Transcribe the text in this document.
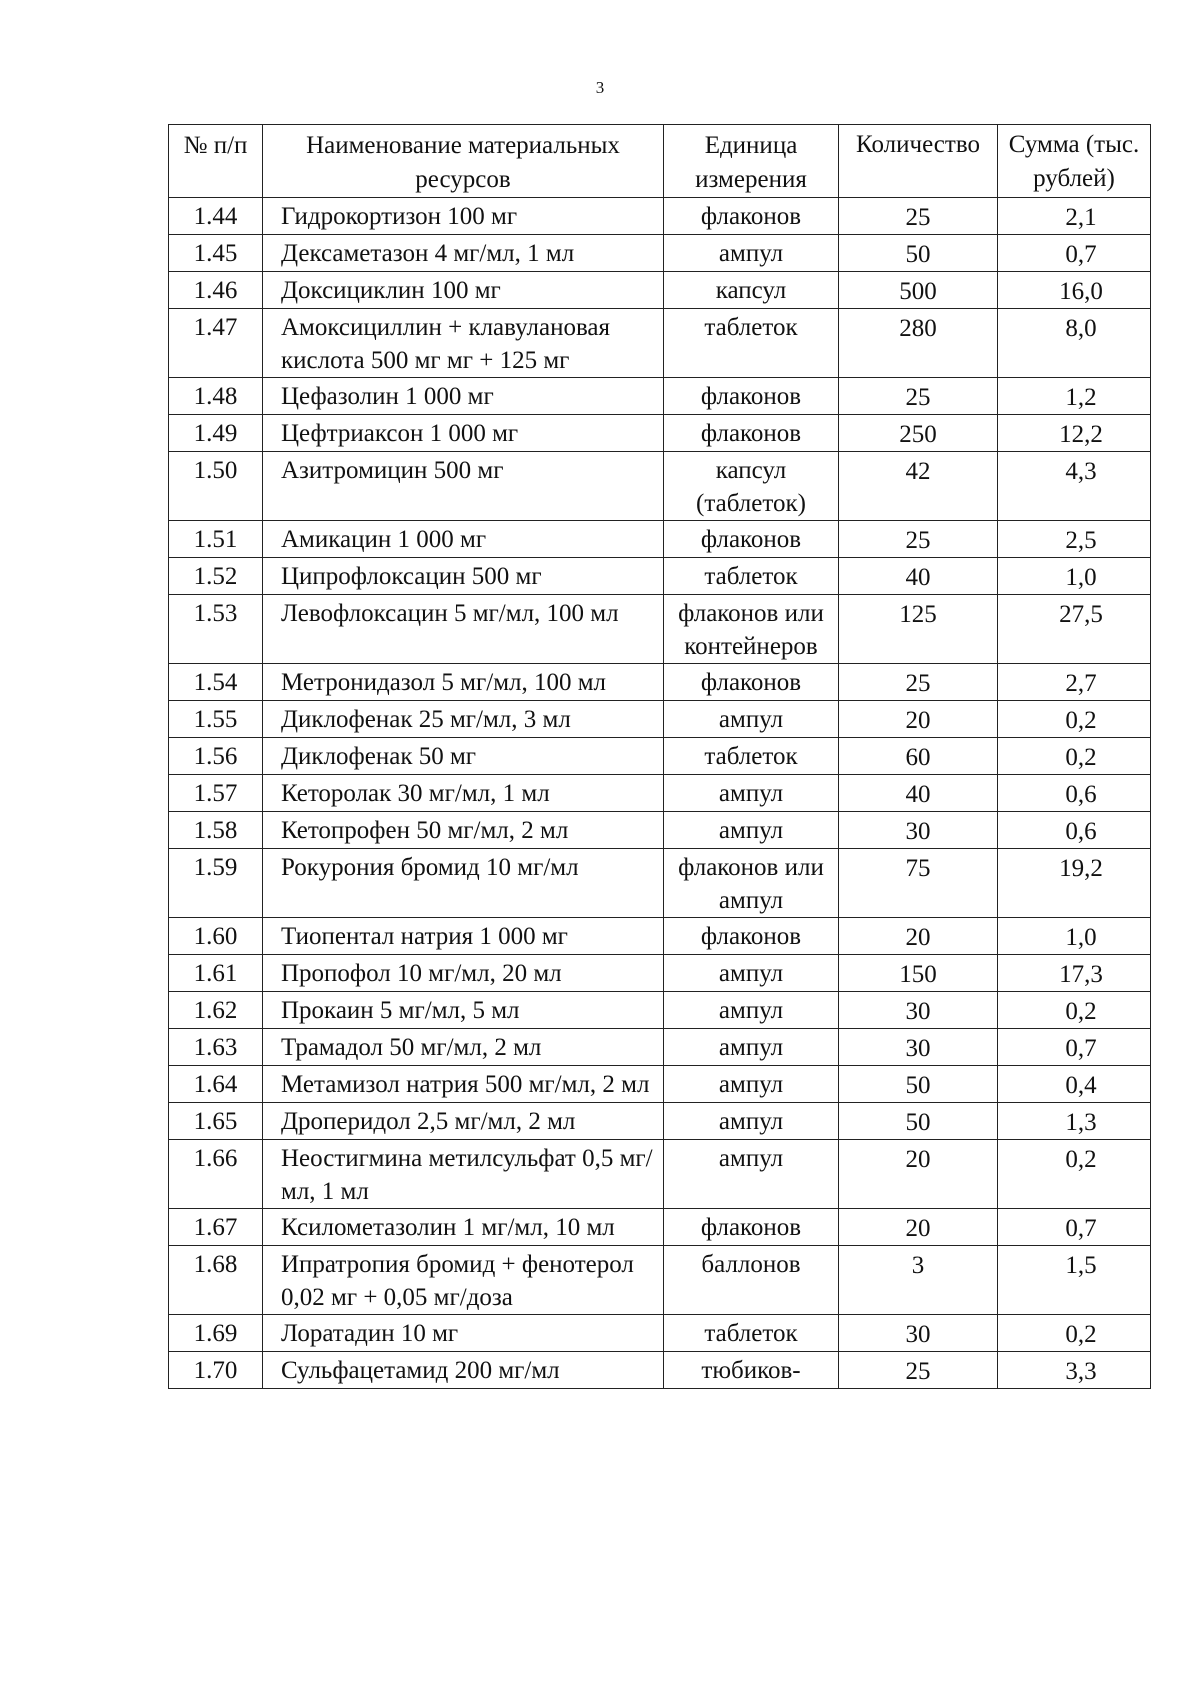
3
№ п/п	Наименование материальных ресурсов	Единица измерения	Количество	Сумма (тыс. рублей)
1.44	Гидрокортизон 100 мг	флаконов	25	2,1
1.45	Дексаметазон 4 мг/мл, 1 мл	ампул	50	0,7
1.46	Доксициклин 100 мг	капсул	500	16,0
1.47	Амоксициллин + клавулановая кислота 500 мг мг + 125 мг	таблеток	280	8,0
1.48	Цефазолин 1 000 мг	флаконов	25	1,2
1.49	Цефтриаксон 1 000 мг	флаконов	250	12,2
1.50	Азитромицин 500 мг	капсул (таблеток)	42	4,3
1.51	Амикацин 1 000 мг	флаконов	25	2,5
1.52	Ципрофлоксацин 500 мг	таблеток	40	1,0
1.53	Левофлоксацин 5 мг/мл, 100 мл	флаконов или контейнеров	125	27,5
1.54	Метронидазол 5 мг/мл, 100 мл	флаконов	25	2,7
1.55	Диклофенак 25 мг/мл, 3 мл	ампул	20	0,2
1.56	Диклофенак 50 мг	таблеток	60	0,2
1.57	Кеторолак 30 мг/мл, 1 мл	ампул	40	0,6
1.58	Кетопрофен 50 мг/мл, 2 мл	ампул	30	0,6
1.59	Рокурония бромид 10 мг/мл	флаконов или ампул	75	19,2
1.60	Тиопентал натрия 1 000 мг	флаконов	20	1,0
1.61	Пропофол 10 мг/мл, 20 мл	ампул	150	17,3
1.62	Прокаин 5 мг/мл, 5 мл	ампул	30	0,2
1.63	Трамадол 50 мг/мл, 2 мл	ампул	30	0,7
1.64	Метамизол натрия 500 мг/мл, 2 мл	ампул	50	0,4
1.65	Дроперидол 2,5 мг/мл, 2 мл	ампул	50	1,3
1.66	Неостигмина метилсульфат 0,5 мг/мл, 1 мл	ампул	20	0,2
1.67	Ксилометазолин 1 мг/мл, 10 мл	флаконов	20	0,7
1.68	Ипратропия бромид + фенотерол 0,02 мг + 0,05 мг/доза	баллонов	3	1,5
1.69	Лоратадин 10 мг	таблеток	30	0,2
1.70	Сульфацетамид 200 мг/мл	тюбиков-	25	3,3
